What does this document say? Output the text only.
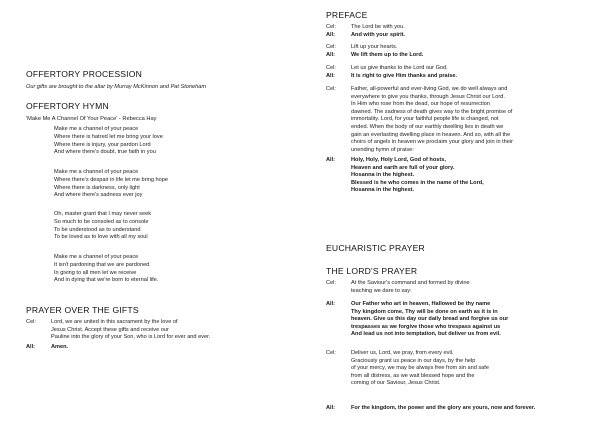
OFFERTORY PROCESSION
Our gifts are brought to the altar by Murray McKinnon and Pat Stoneham
OFFERTORY HYMN
'Make Me A Channel Of Your Peace' - Rebecca Hay
Make me a channel of your peace
Where there is hatred let me bring your love
Where there is injury, your pardon Lord
And where there's doubt, true faith in you
Make me a channel of your peace
Where there's despair in life let me bring hope
Where there is darkness, only light
And where there's sadness ever joy
Oh, master grant that I may never seek
So much to be consoled as to console
To be understood as to understand
To be loved as to love with all my soul
Make me a channel of your peace
It isn't pardoning that we are pardoned
In giving to all men let we receive
And in dying that we're born to eternal life.
PRAYER OVER THE GIFTS
Cel:	Lord, we are united in this sacrament by the love of
Jesus Christ. Accept these gifts and receive our
Pauline into the glory of your Son, who is Lord for ever and ever.
All:	Amen.
PREFACE
Cel:	The Lord be with you.
All:	And with your spirit.
Cel:	Lift up your hearts.
All:	We lift them up to the Lord.
Cel:	Let us give thanks to the Lord our God.
All:	It is right to give Him thanks and praise.
Cel:	Father, all-powerful and ever-living God, we do well always and
everywhere to give you thanks, through Jesus Christ our Lord.
In Him who rose from the dead, our hope of resurrection
dawned. The sadness of death gives way to the bright promise of
immortality. Lord, for your faithful people life is changed, not
ended. When the body of our earthly dwelling lies in death we
gain an everlasting dwelling place in heaven. And so, with all the
choirs of angels in heaven we proclaim your glory and join in their
unending hymn of praise:
All:	Holy, Holy, Holy Lord, God of hosts,
Heaven and earth are full of your glory.
Hosanna in the highest.
Blessed is he who comes in the name of the Lord,
Hosanna in the highest.
EUCHARISTIC PRAYER
THE LORD'S PRAYER
Cel:	At the Saviour's command and formed by divine
teaching we dare to say:
All:	Our Father who art in heaven, Hallowed be thy name
Thy kingdom come, Thy will be done on earth as it is in
heaven. Give us this day our daily bread and forgive us our
trespasses as we forgive those who trespass against us
And lead us not into temptation, but deliver us from evil.
Cel:	Deliver us, Lord, we pray, from every evil.
Graciously grant us peace in our days, by the help
of your mercy, we may be always free from sin and safe
from all distress, as we wait blessed hope and the
coming of our Saviour, Jesus Christ.
All:	For the kingdom, the power and the glory are yours, now and forever.
